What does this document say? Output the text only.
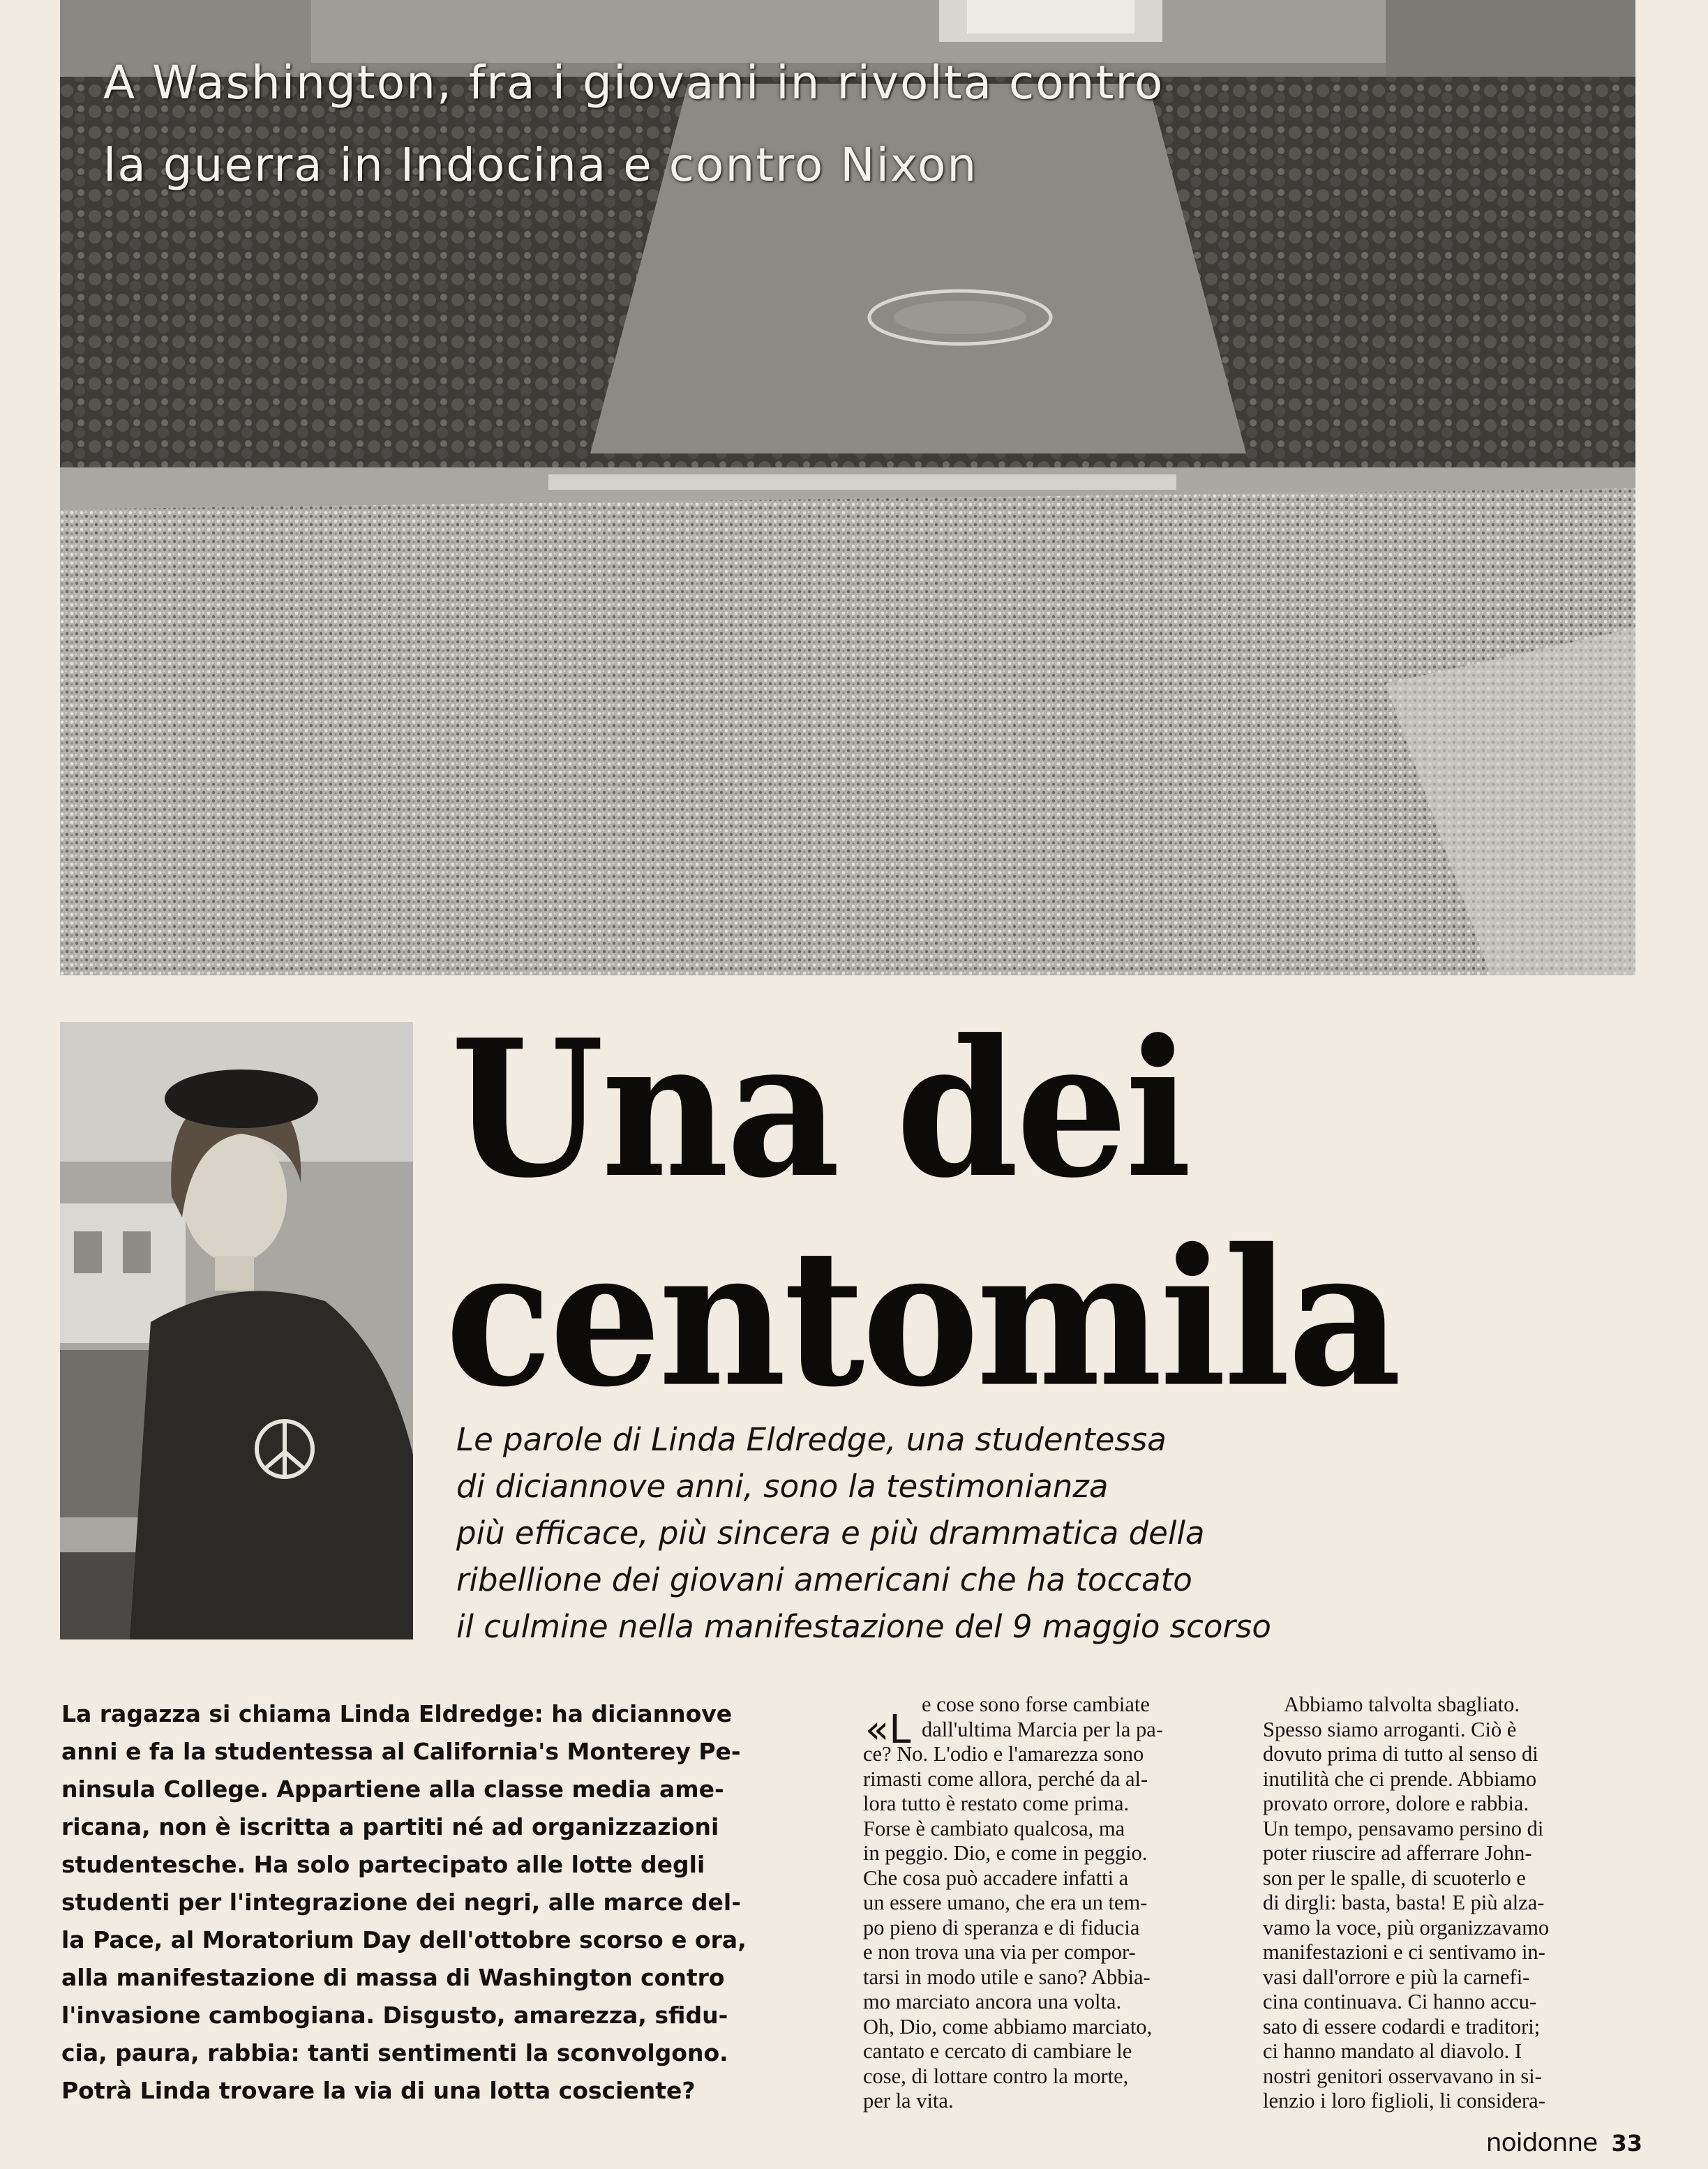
A Washington, fra i giovani in rivolta contro
la guerra in Indocina e contro Nixon
Una dei
centomila

Le parole di Linda Eldredge, una studentessa
di diciannove anni, sono la testimonianza
più efficace, più sincera e più drammatica della
ribellione dei giovani americani che ha toccato
il culmine nella manifestazione del 9 maggio scorso

La ragazza si chiama Linda Eldredge: ha diciannove
anni e fa la studentessa al California's Monterey Pe-
ninsula College. Appartiene alla classe media ame-
ricana, non è iscritta a partiti né ad organizzazioni
studentesche. Ha solo partecipato alle lotte degli
studenti per l'integrazione dei negri, alle marce del-
la Pace, al Moratorium Day dell'ottobre scorso e ora,
alla manifestazione di massa di Washington contro
l'invasione cambogiana. Disgusto, amarezza, sfidu-
cia, paura, rabbia: tanti sentimenti la sconvolgono.
Potrà Linda trovare la via di una lotta cosciente?
«L
e cose sono forse cambiate
dall'ultima Marcia per la pa-
ce? No. L'odio e l'amarezza sono
rimasti come allora, perché da al-
lora tutto è restato come prima.
Forse è cambiato qualcosa, ma
in peggio. Dio, e come in peggio.
Che cosa può accadere infatti a
un essere umano, che era un tem-
po pieno di speranza e di fiducia
e non trova una via per compor-
tarsi in modo utile e sano? Abbia-
mo marciato ancora una volta.
Oh, Dio, come abbiamo marciato,
cantato e cercato di cambiare le
cose, di lottare contro la morte,
per la vita.
Abbiamo talvolta sbagliato.
Spesso siamo arroganti. Ciò è
dovuto prima di tutto al senso di
inutilità che ci prende. Abbiamo
provato orrore, dolore e rabbia.
Un tempo, pensavamo persino di
poter riuscire ad afferrare John-
son per le spalle, di scuoterlo e
di dirgli: basta, basta! E più alza-
vamo la voce, più organizzavamo
manifestazioni e ci sentivamo in-
vasi dall'orrore e più la carnefi-
cina continuava. Ci hanno accu-
sato di essere codardi e traditori;
ci hanno mandato al diavolo. I
nostri genitori osservavano in si-
lenzio i loro figlioli, li considera-
noidonne 33
